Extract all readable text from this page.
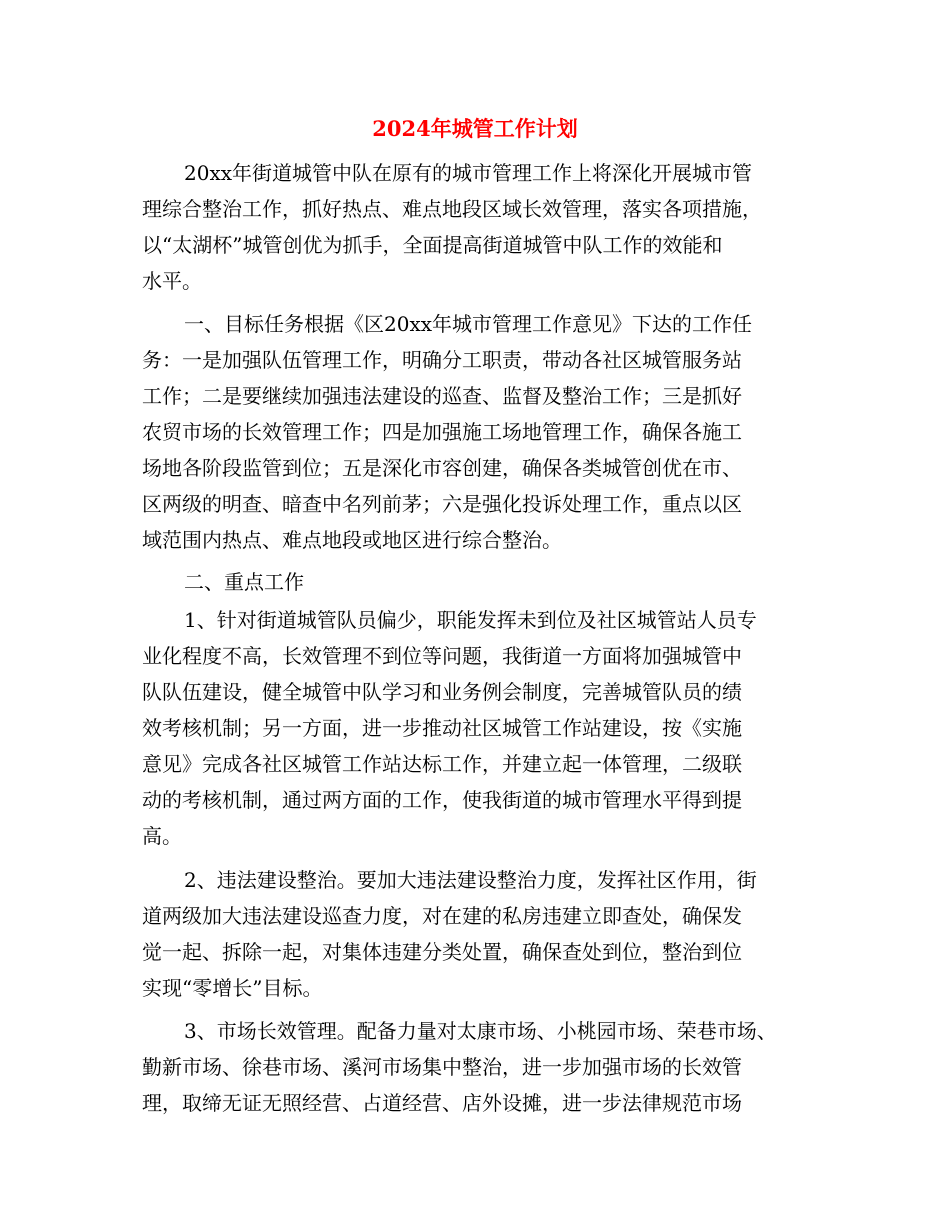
2024年城管工作计划
20xx年街道城管中队在原有的城市管理工作上将深化开展城市管
理综合整治工作，抓好热点、难点地段区域长效管理，落实各项措施，
以“太湖杯”城管创优为抓手，全面提高街道城管中队工作的效能和
水平。
一、目标任务根据《区20xx年城市管理工作意见》下达的工作任
务：一是加强队伍管理工作，明确分工职责，带动各社区城管服务站
工作；二是要继续加强违法建设的巡查、监督及整治工作；三是抓好
农贸市场的长效管理工作；四是加强施工场地管理工作，确保各施工
场地各阶段监管到位；五是深化市容创建，确保各类城管创优在市、
区两级的明查、暗查中名列前茅；六是强化投诉处理工作，重点以区
域范围内热点、难点地段或地区进行综合整治。
二、重点工作
1、针对街道城管队员偏少，职能发挥未到位及社区城管站人员专
业化程度不高，长效管理不到位等问题，我街道一方面将加强城管中
队队伍建设，健全城管中队学习和业务例会制度，完善城管队员的绩
效考核机制；另一方面，进一步推动社区城管工作站建设，按《实施
意见》完成各社区城管工作站达标工作，并建立起一体管理，二级联
动的考核机制，通过两方面的工作，使我街道的城市管理水平得到提
高。
2、违法建设整治。要加大违法建设整治力度，发挥社区作用，街
道两级加大违法建设巡查力度，对在建的私房违建立即查处，确保发
觉一起、拆除一起，对集体违建分类处置，确保查处到位，整治到位
实现“零增长”目标。
3、市场长效管理。配备力量对太康市场、小桃园市场、荣巷市场、
勤新市场、徐巷市场、溪河市场集中整治，进一步加强市场的长效管
理，取缔无证无照经营、占道经营、店外设摊，进一步法律规范市场
